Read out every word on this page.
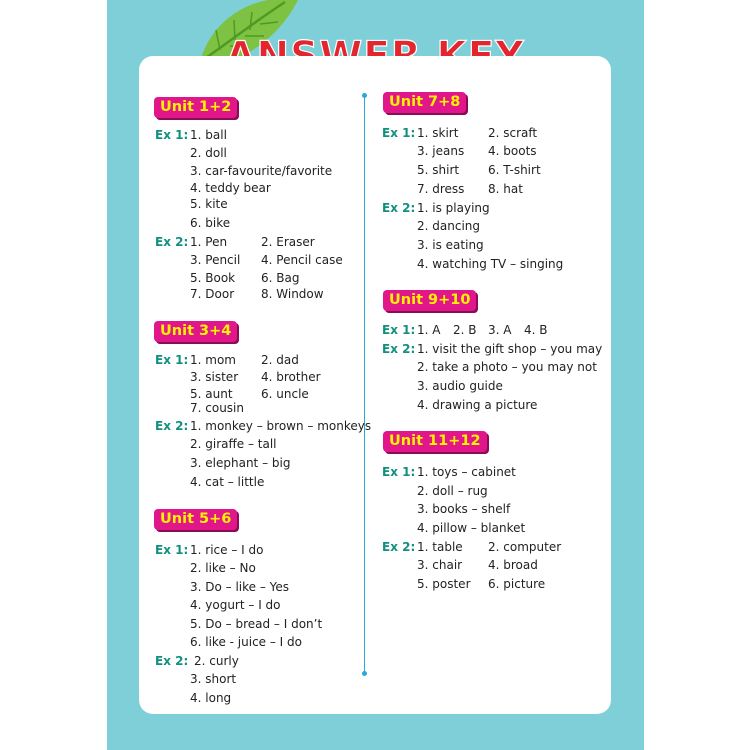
Unit 1+2
Ex 1: 1. ball
2. doll
3. car-favourite/favorite
4. teddy bear
5. kite
6. bike
Ex 2: 1. Pen	2. Eraser
3. Pencil 4. Pencil case
5. Book 6. Bag
7. Door 8. Window
Unit 3+4
Ex 1: 1. mom 2. dad
3. sister 4. brother
5. aunt 6. uncle
7. cousin
Ex 2: 1. monkey – brown – monkeys
2. giraffe – tall
3. elephant – big
4. cat – little
Unit 5+6
Ex 1: 1. rice – I do
2. like – No
3. Do – like – Yes
4. yogurt – I do
5. Do – bread – I don’t
6. like - juice – I do
Ex 2: 2. curly
3. short
4. long
Unit 7+8
Ex 1: 1. skirt 2. scraft
3. jeans 4. boots
5. shirt 6. T-shirt
7. dress 8. hat
Ex 2: 1. is playing
2. dancing
3. is eating
4. watching TV – singing
Unit 9+10
Ex 1: 1. A 2. B 3. A 4. B
Ex 2: 1. visit the gift shop – you may
2. take a photo – you may not
3. audio guide
4. drawing a picture
Unit 11+12
Ex 1: 1. toys – cabinet
2. doll – rug
3. books – shelf
4. pillow – blanket
Ex 2: 1. table 2. computer
3. chair 4. broad
5. poster 6. picture
